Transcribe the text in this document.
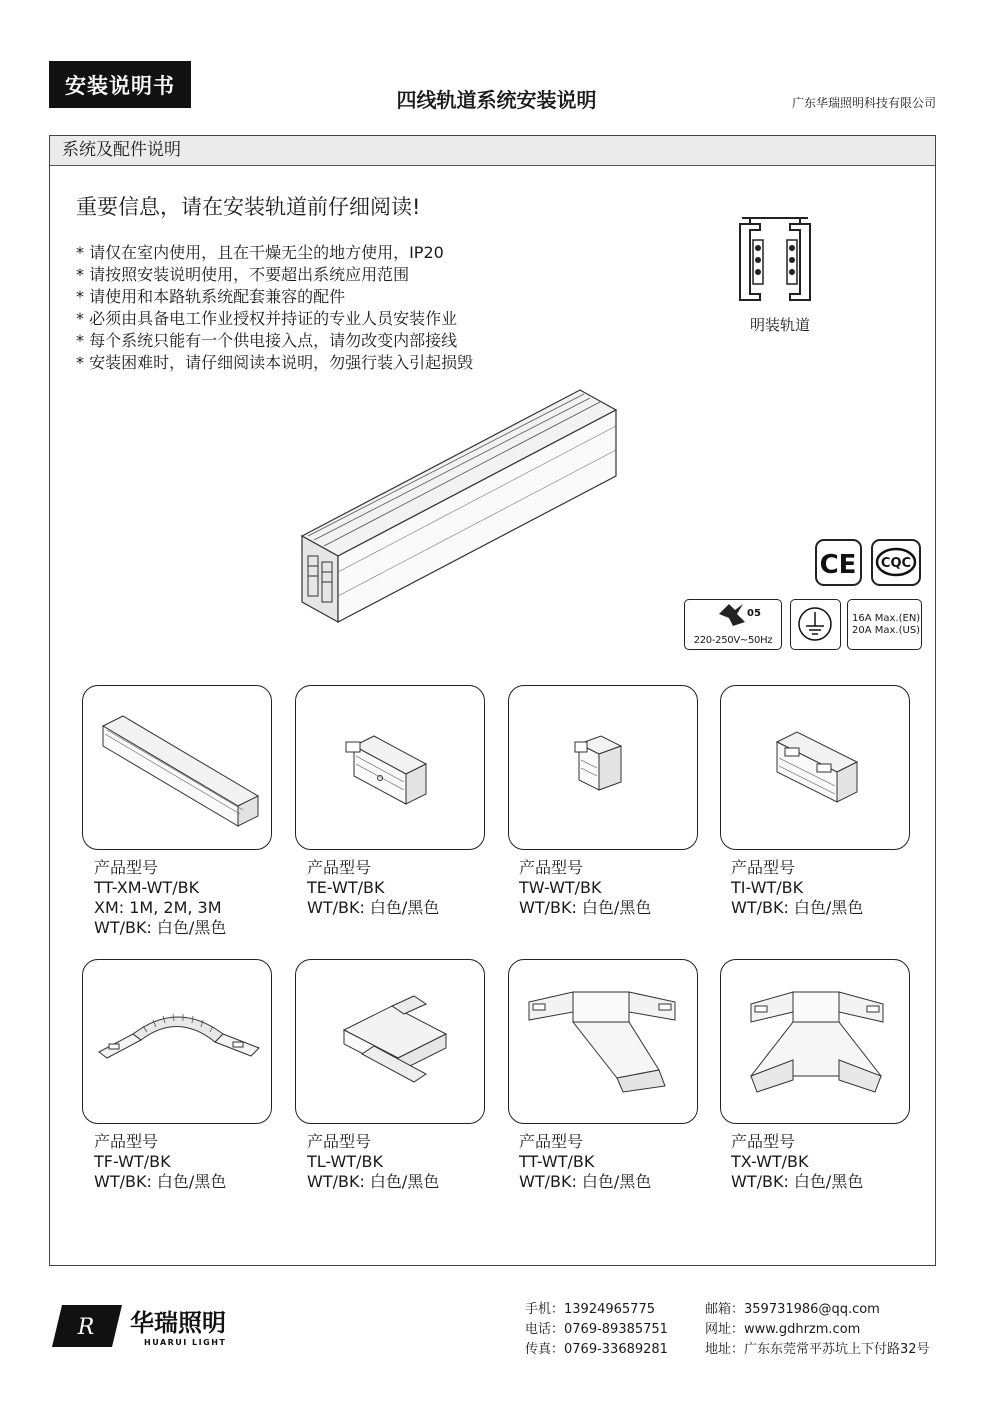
安装说明书
四线轨道系统安装说明	广东华瑞照明科技有限公司
系统及配件说明
重要信息，请在安装轨道前仔细阅读!
* 请仅在室内使用，且在干燥无尘的地方使用，IP20
* 请按照安装说明使用，不要超出系统应用范围
* 请使用和本路轨系统配套兼容的配件
* 必须由具备电工作业授权并持证的专业人员安装作业
* 每个系统只能有一个供电接入点，请勿改变内部接线
* 安装困难时，请仔细阅读本说明，勿强行装入引起损毁
明装轨道
CE CQC
05
220-250V~50Hz
16A Max.(EN)
20A Max.(US)
产品型号
TT-XM-WT/BK
XM: 1M, 2M, 3M
WT/BK: 白色/黑色
产品型号
TE-WT/BK
WT/BK: 白色/黑色
产品型号
TW-WT/BK
WT/BK: 白色/黑色
产品型号
TI-WT/BK
WT/BK: 白色/黑色
产品型号
TF-WT/BK
WT/BK: 白色/黑色
产品型号
TL-WT/BK
WT/BK: 白色/黑色
产品型号
TT-WT/BK
WT/BK: 白色/黑色
产品型号
TX-WT/BK
WT/BK: 白色/黑色
R 华瑞照明
HUARUI LIGHT
手机：13924965775
电话：0769-89385751
传真：0769-33689281
邮箱：359731986@qq.com
网址：www.gdhrzm.com
地址：广东东莞常平苏坑上下付路32号
